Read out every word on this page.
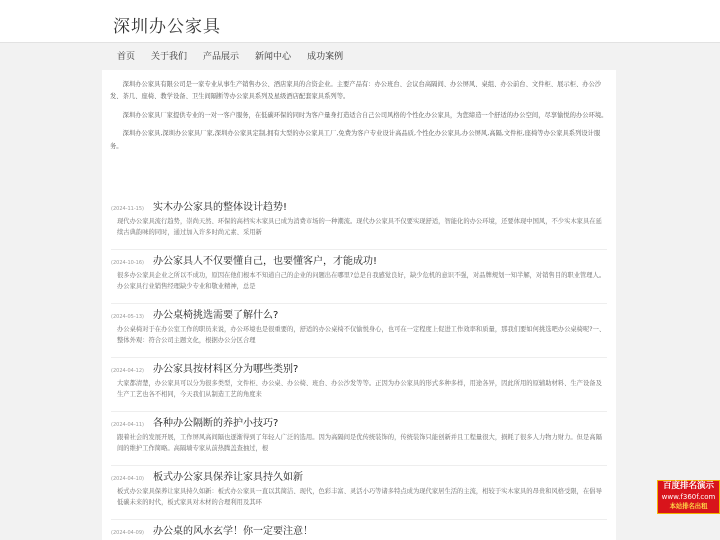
深圳办公家具
首页 关于我们 产品展示 新闻中心 成功案例

深圳办公家具有限公司是一家专业从事生产销售办公、酒店家具的合资企业。主要产品有：办公班台、会议台高隔间、办公屏风、桌组、办公前台、文件柜、展示柜、办公沙发、茶几、座椅、教学设备、卫生间隔断等办公家具系列及星级酒店配套家具系列等。

深圳办公家具厂家提供专业的一对一客户服务，在低碳环保的同时为客户量身打造适合自己公司风格的个性化办公家具，为您缔造一个舒适的办公空间，尽享愉悦的办公环境。

深圳办公家具,深圳办公家具厂家,深圳办公家具定制,拥有大型的办公家具工厂,免费为客户专业设计高品质,个性化办公家具,办公屏风,高隔,文件柜,座椅等办公家具系列设计服务。

(2024-11-15) 实木办公家具的整体设计趋势!
现代办公家具流行趋势，崇尚天然、环保的高档实木家具已成为消费市场的一种潮流。现代办公家具不仅要实现舒适，智能化的办公环境，还要体现中国风，不少实木家具在延续古典韵味的同时，通过加入许多时尚元素、采用新
(2024-10-16) 办公家具人不仅要懂自己，也要懂客户，才能成功!
很多办公家具企业之所以不成功，原因在他们根本不知道自己的企业的问题出在哪里?总是自我感觉良好，缺少危机的意识不强，对品牌规划一知半解，对销售目的职业管理人。办公家具行业销售经理缺少专业和敬业精神，总是
(2024-05-13) 办公桌椅挑选需要了解什么?
办公桌椅对于在办公室工作的职员来说，办公环境也是很重要的，舒适的办公桌椅不仅愉悦身心，也可在一定程度上促进工作效率和质量，那我们要如何挑选吧办公桌椅呢?一、整体外观：符合公司主题文化，根据办公分区合理
(2024-04-12) 办公家具按材料区分为哪些类别?
大家都清楚，办公家具可以分为很多类型，文件柜、办公桌、办公椅、班台、办公沙发等等。正因为办公家具的形式多种多样，用途各异，因此所用的原辅助材料、生产设备及生产工艺也各不相同，今天我们从制造工艺的角度来
(2024-04-11) 各种办公隔断的养护小技巧?
跟着社会的发展开展，工作屏风高间隔也逐渐得到了年轻人广泛的选用。因为高隔间是优传统装饰的，传统装饰只能创新并且工程量很大，损耗了很多人力物力财力。但是高隔间的维护工作简略。高隔墙专家从前热腾盖查抽过，根
(2024-04-10) 板式办公家具保养让家具持久如新
板式办公家具保养让家具持久如新：板式办公家具一直以其简洁、现代，色彩丰富、灵活小巧等诸多特点成为现代家居生活的主流，相较于实木家具的昂贵和风格受限，在倡导低碳未来的时代，板式家具对木材的合理利用及其环
(2024-04-09) 办公桌的风水玄学！你一定要注意！
百度排名演示
www.f360f.com
本站排名出租
